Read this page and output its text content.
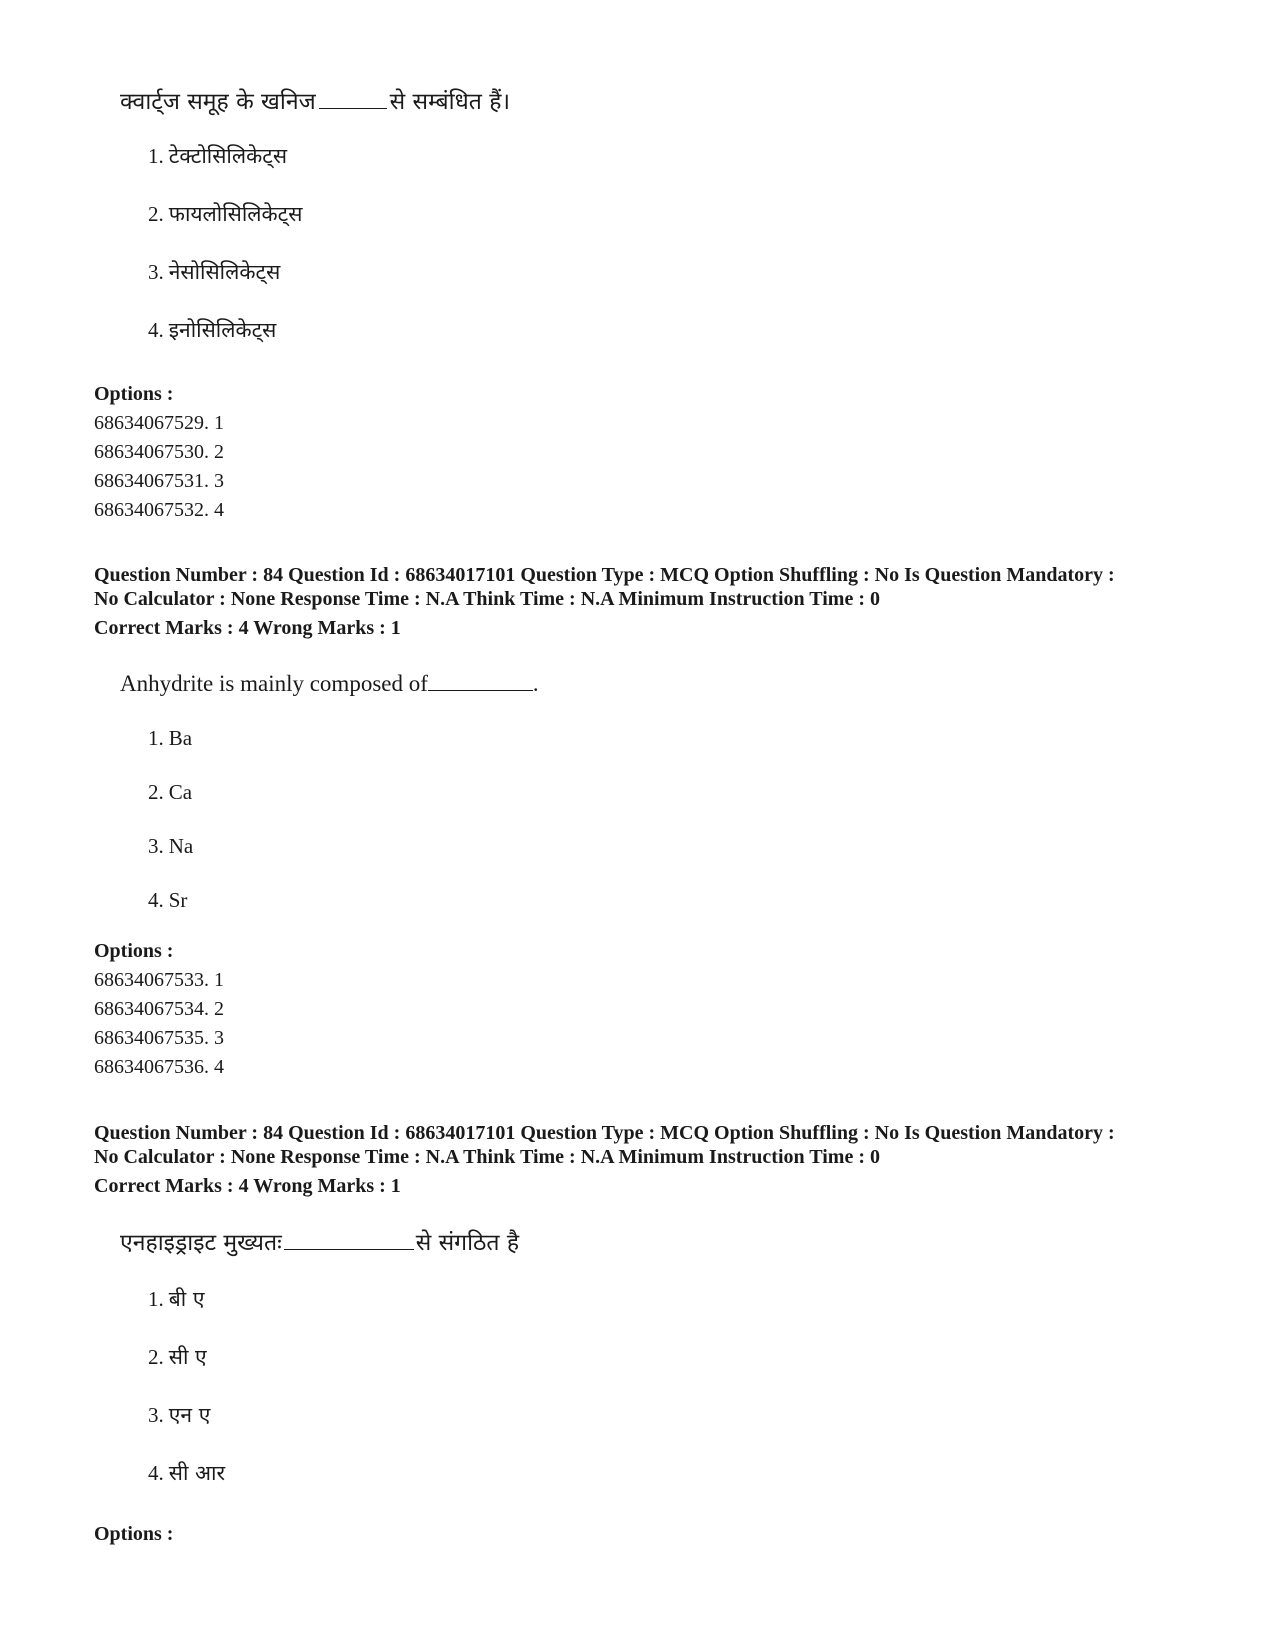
क्वार्ट्ज समूह के खनिज	से सम्बंधित हैं।
1. टेक्टोसिलिकेट्स
2. फायलोसिलिकेट्स
3. नेसोसिलिकेट्स
4. इनोसिलिकेट्स
Options :
68634067529. 1
68634067530. 2
68634067531. 3
68634067532. 4
Question Number : 84 Question Id : 68634017101 Question Type : MCQ Option Shuffling : No Is Question Mandatory :
No Calculator : None Response Time : N.A Think Time : N.A Minimum Instruction Time : 0
Correct Marks : 4 Wrong Marks : 1
Anhydrite is mainly composed of	.
1. Ba
2. Ca
3. Na
4. Sr
Options :
68634067533. 1
68634067534. 2
68634067535. 3
68634067536. 4
Question Number : 84 Question Id : 68634017101 Question Type : MCQ Option Shuffling : No Is Question Mandatory :
No Calculator : None Response Time : N.A Think Time : N.A Minimum Instruction Time : 0
Correct Marks : 4 Wrong Marks : 1
एनहाइड्राइट मुख्यतः	से संगठित है
1. बी ए
2. सी ए
3. एन ए
4. सी आर
Options :
